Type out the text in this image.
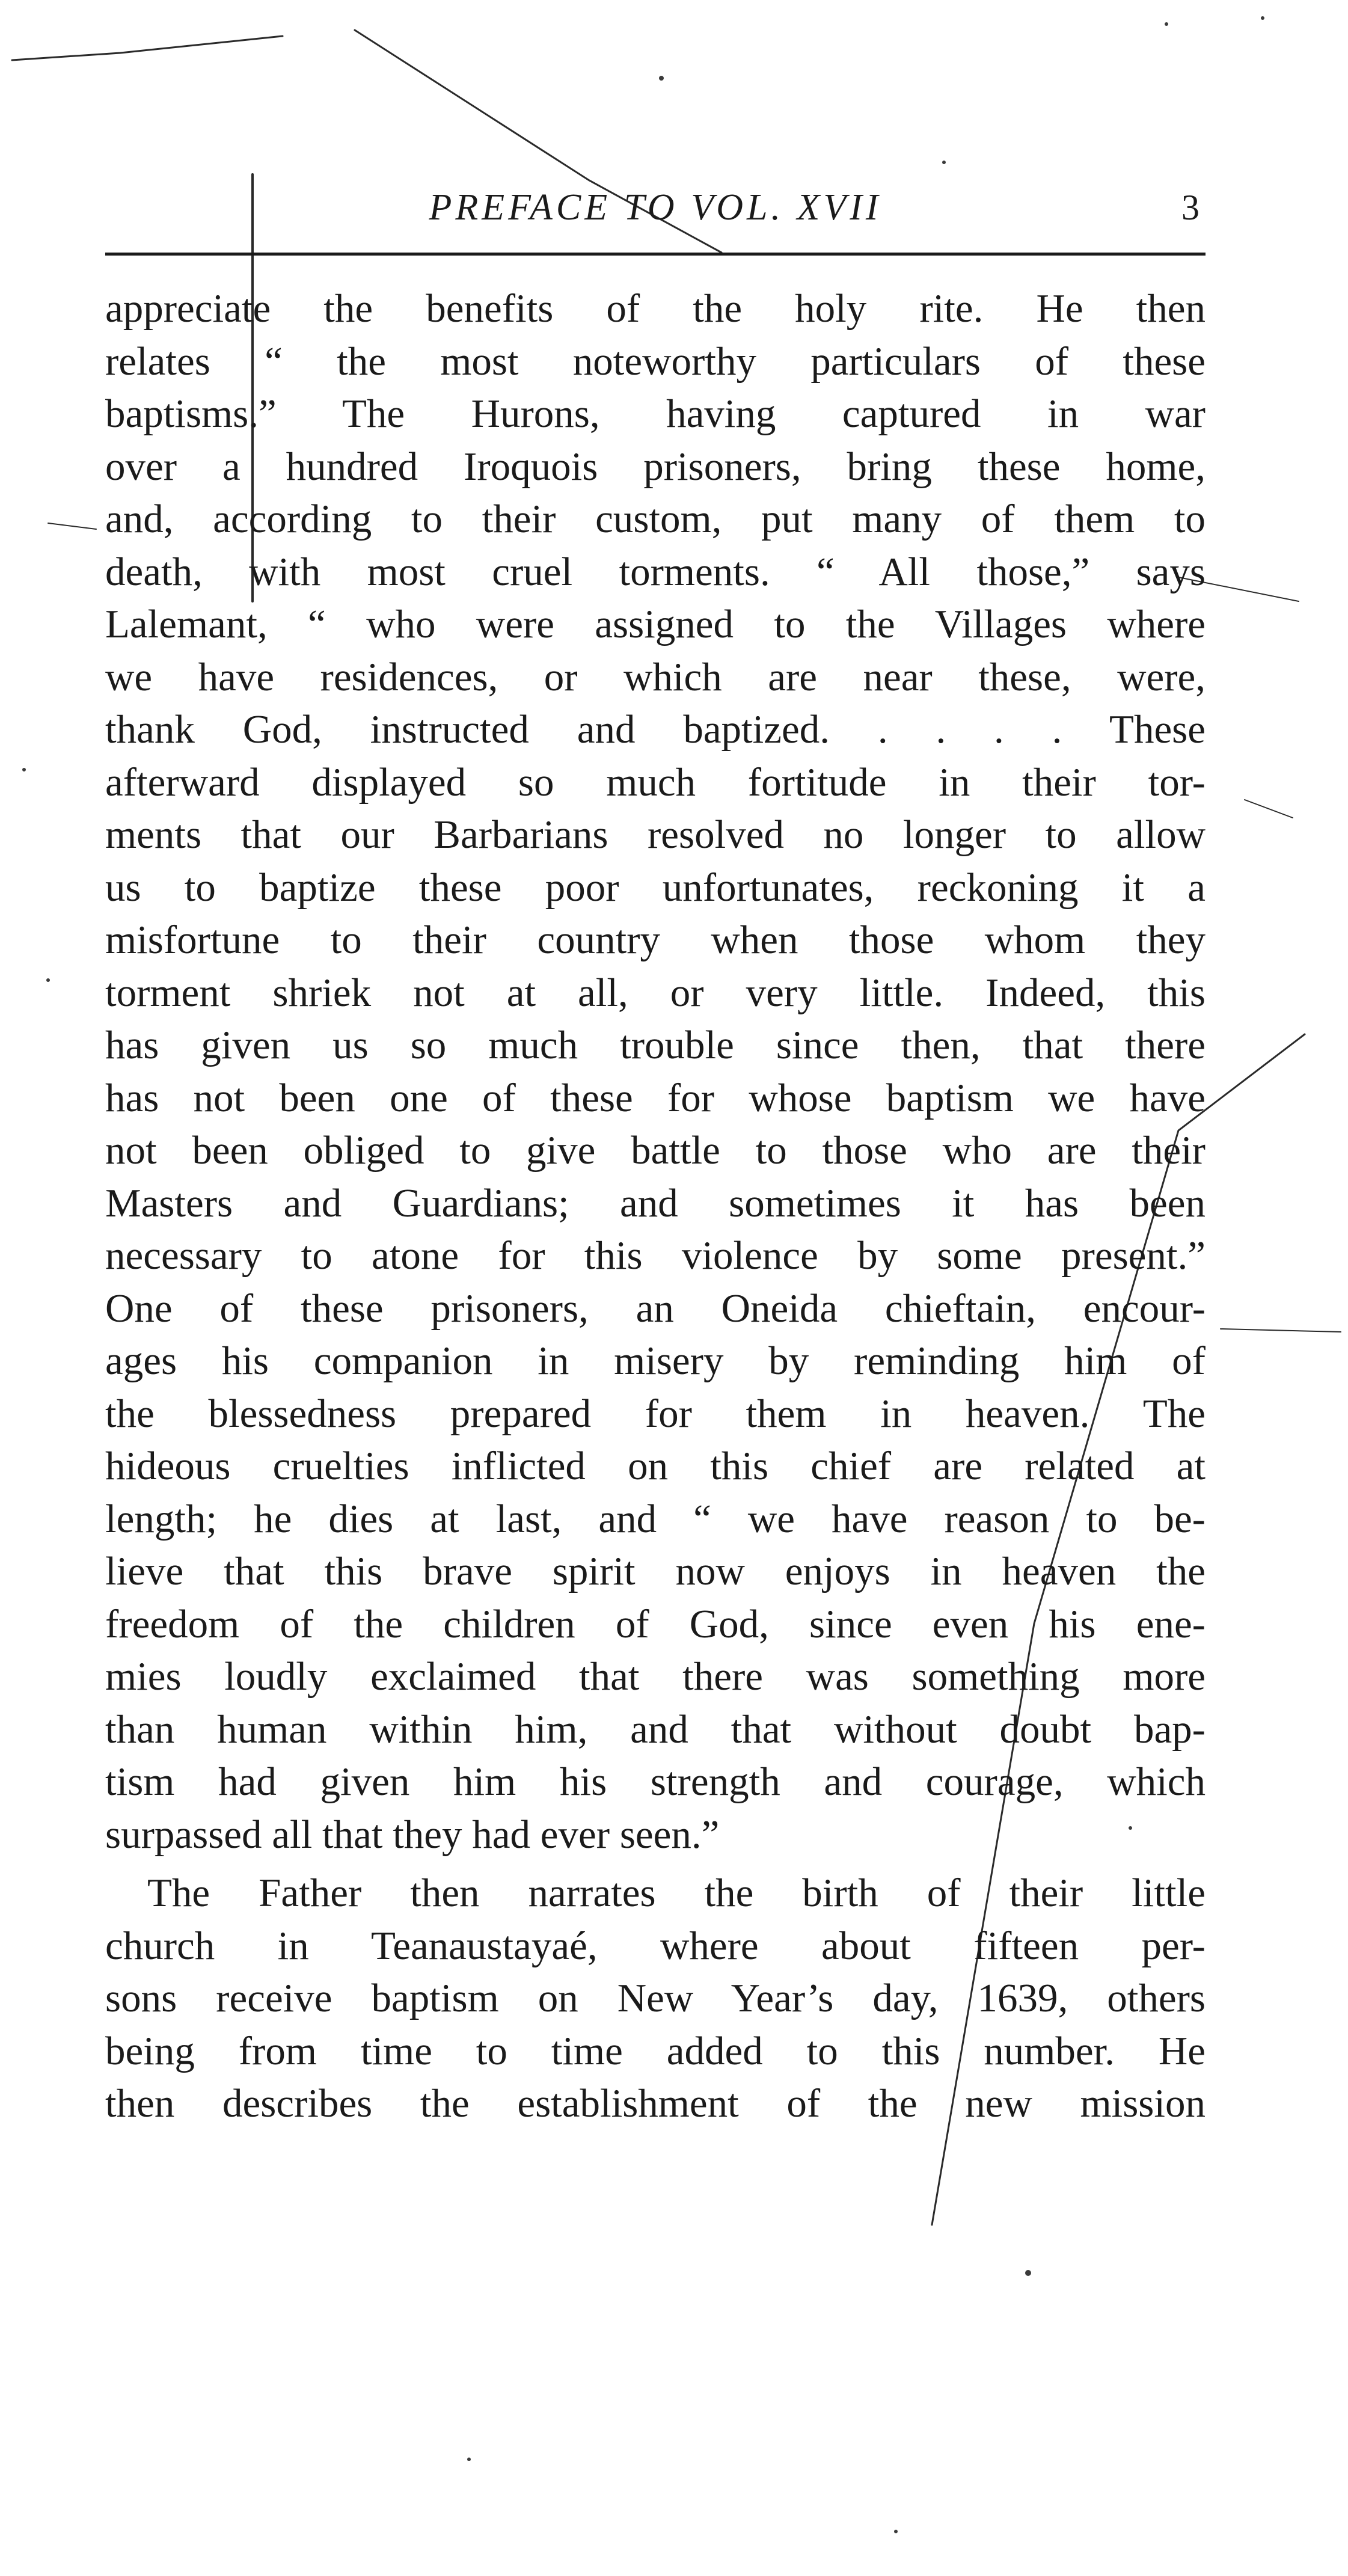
PREFACE TO VOL. XVII	3
appreciate the benefits of the holy rite. He then
relates “ the most noteworthy particulars of these
baptisms.” The Hurons, having captured in war
over a hundred Iroquois prisoners, bring these home,
and, according to their custom, put many of them to
death, with most cruel torments. “ All those,” says
Lalemant, “ who were assigned to the Villages where
we have residences, or which are near these, were,
thank God, instructed and baptized. . . . . These
afterward displayed so much fortitude in their tor-
ments that our Barbarians resolved no longer to allow
us to baptize these poor unfortunates, reckoning it a
misfortune to their country when those whom they
torment shriek not at all, or very little. Indeed, this
has given us so much trouble since then, that there
has not been one of these for whose baptism we have
not been obliged to give battle to those who are their
Masters and Guardians; and sometimes it has been
necessary to atone for this violence by some present.”
One of these prisoners, an Oneida chieftain, encour-
ages his companion in misery by reminding him of
the blessedness prepared for them in heaven. The
hideous cruelties inflicted on this chief are related at
length; he dies at last, and “ we have reason to be-
lieve that this brave spirit now enjoys in heaven the
freedom of the children of God, since even his ene-
mies loudly exclaimed that there was something more
than human within him, and that without doubt bap-
tism had given him his strength and courage, which
surpassed all that they had ever seen.”
The Father then narrates the birth of their little
church in Teanaustayaé, where about fifteen per-
sons receive baptism on New Year’s day, 1639, others
being from time to time added to this number. He
then describes the establishment of the new mission
